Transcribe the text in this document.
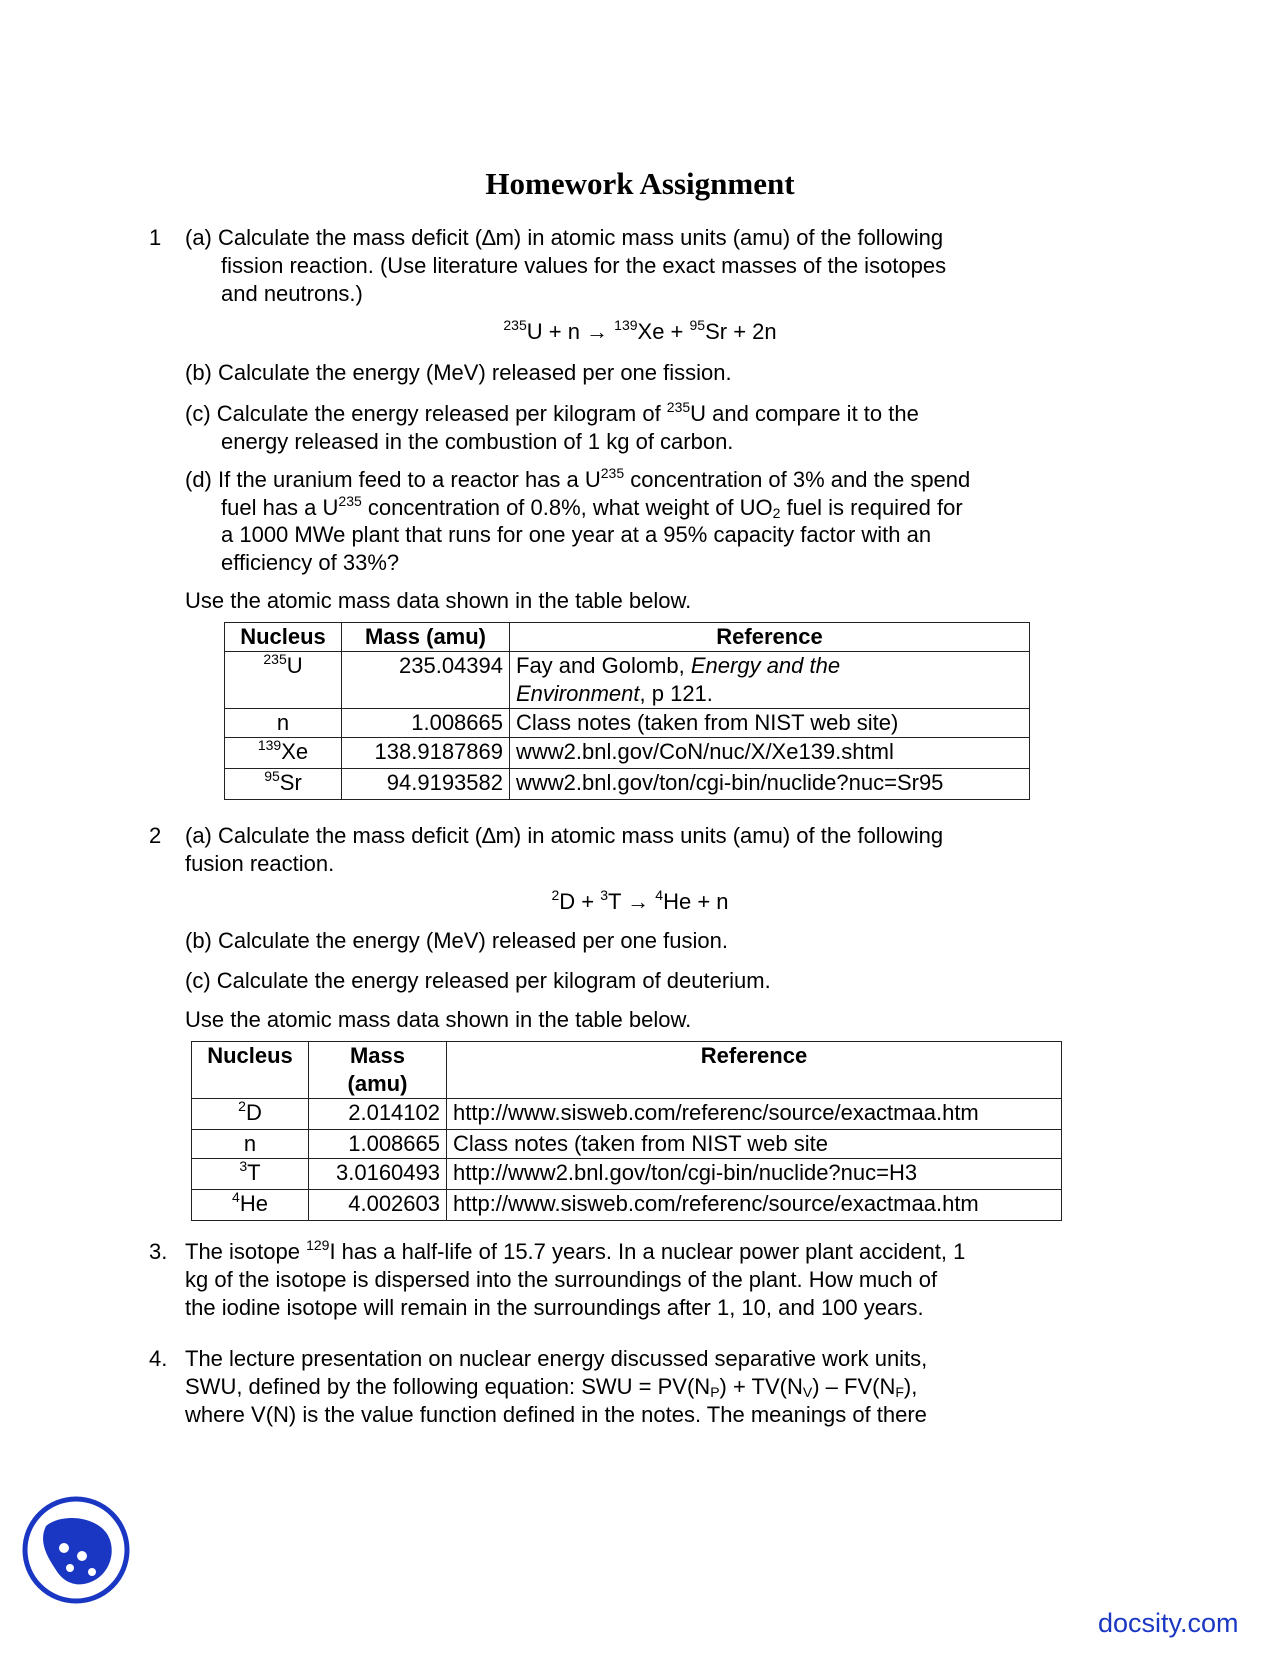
Homework Assignment
1 (a) Calculate the mass deficit (∆m) in atomic mass units (amu) of the following
fission reaction. (Use literature values for the exact masses of the isotopes
and neutrons.)
$^{235}$U + n → $^{139}$Xe + $^{95}$Sr + 2n
(b) Calculate the energy (MeV) released per one fission.
(c) Calculate the energy released per kilogram of $^{235}$U and compare it to the
energy released in the combustion of 1 kg of carbon.
(d) If the uranium feed to a reactor has a $U^{235}$ concentration of 3% and the spend
fuel has a $U^{235}$ concentration of 0.8%, what weight of $UO_2$ fuel is required for
a 1000 MWe plant that runs for one year at a 95% capacity factor with an
efficiency of 33%?
Use the atomic mass data shown in the table below.
Nucleus	Mass (amu)	Reference
$^{235}$U	235.04394	Fay and Golomb, Energy and the
Environment, p 121.
n	1.008665	Class notes (taken from NIST web site)
$^{139}$Xe	138.9187869	www2.bnl.gov/CoN/nuc/X/Xe139.shtml
$^{95}$Sr	94.9193582	www2.bnl.gov/ton/cgi-bin/nuclide?nuc=Sr95
2 (a) Calculate the mass deficit (∆m) in atomic mass units (amu) of the following
fusion reaction.
$^2$D + $^3$T → $^4$He + n
(b) Calculate the energy (MeV) released per one fusion.
(c) Calculate the energy released per kilogram of deuterium.
Use the atomic mass data shown in the table below.
Nucleus	Mass
(amu)	Reference
$^2$D	2.014102	http://www.sisweb.com/referenc/source/exactmaa.htm
n	1.008665	Class notes (taken from NIST web site
$^3$T	3.0160493	http://www2.bnl.gov/ton/cgi-bin/nuclide?nuc=H3
$^4$He	4.002603	http://www.sisweb.com/referenc/source/exactmaa.htm
3. The isotope $^{129}$I has a half-life of 15.7 years. In a nuclear power plant accident, 1
kg of the isotope is dispersed into the surroundings of the plant. How much of
the iodine isotope will remain in the surroundings after 1, 10, and 100 years.
4. The lecture presentation on nuclear energy discussed separative work units,
SWU, defined by the following equation: SWU = $PV(N_P) + TV(N_V) - FV(N_F)$,
where V(N) is the value function defined in the notes. The meanings of there
docsity.com
